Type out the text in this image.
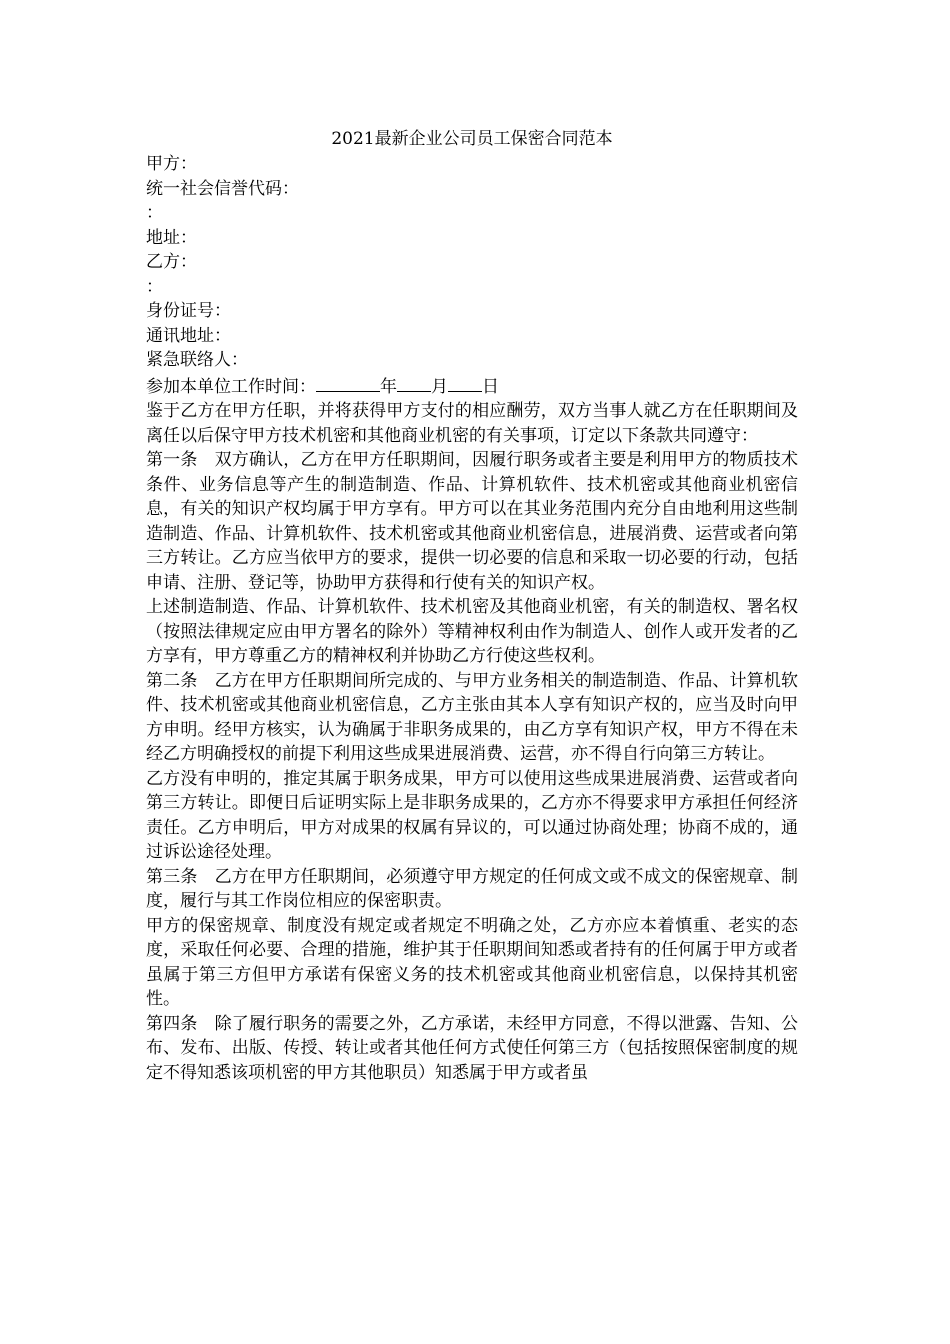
2021最新企业公司员工保密合同范本
甲方：
统一社会信誉代码：
：
地址：
乙方：
：
身份证号：
通讯地址：
紧急联络人：
参加本单位工作时间：	年 月 日

鉴于乙方在甲方任职，并将获得甲方支付的相应酬劳，双方当事人就乙方在任职期间及离任以后保守甲方技术机密和其他商业机密的有关事项，订定以下条款共同遵守：

第一条　双方确认，乙方在甲方任职期间，因履行职务或者主要是利用甲方的物质技术条件、业务信息等产生的制造制造、作品、计算机软件、技术机密或其他商业机密信息，有关的知识产权均属于甲方享有。甲方可以在其业务范围内充分自由地利用这些制造制造、作品、计算机软件、技术机密或其他商业机密信息，进展消费、运营或者向第三方转让。乙方应当依甲方的要求，提供一切必要的信息和采取一切必要的行动，包括申请、注册、登记等，协助甲方获得和行使有关的知识产权。

上述制造制造、作品、计算机软件、技术机密及其他商业机密，有关的制造权、署名权（按照法律规定应由甲方署名的除外）等精神权利由作为制造人、创作人或开发者的乙方享有，甲方尊重乙方的精神权利并协助乙方行使这些权利。

第二条　乙方在甲方任职期间所完成的、与甲方业务相关的制造制造、作品、计算机软件、技术机密或其他商业机密信息，乙方主张由其本人享有知识产权的，应当及时向甲方申明。经甲方核实，认为确属于非职务成果的，由乙方享有知识产权，甲方不得在未经乙方明确授权的前提下利用这些成果进展消费、运营，亦不得自行向第三方转让。

乙方没有申明的，推定其属于职务成果，甲方可以使用这些成果进展消费、运营或者向第三方转让。即便日后证明实际上是非职务成果的，乙方亦不得要求甲方承担任何经济责任。乙方申明后，甲方对成果的权属有异议的，可以通过协商处理；协商不成的，通过诉讼途径处理。

第三条　乙方在甲方任职期间，必须遵守甲方规定的任何成文或不成文的保密规章、制度，履行与其工作岗位相应的保密职责。

甲方的保密规章、制度没有规定或者规定不明确之处，乙方亦应本着慎重、老实的态度，采取任何必要、合理的措施，维护其于任职期间知悉或者持有的任何属于甲方或者虽属于第三方但甲方承诺有保密义务的技术机密或其他商业机密信息，以保持其机密性。

第四条　除了履行职务的需要之外，乙方承诺，未经甲方同意，不得以泄露、告知、公布、发布、出版、传授、转让或者其他任何方式使任何第三方（包括按照保密制度的规定不得知悉该项机密的甲方其他职员）知悉属于甲方或者虽
